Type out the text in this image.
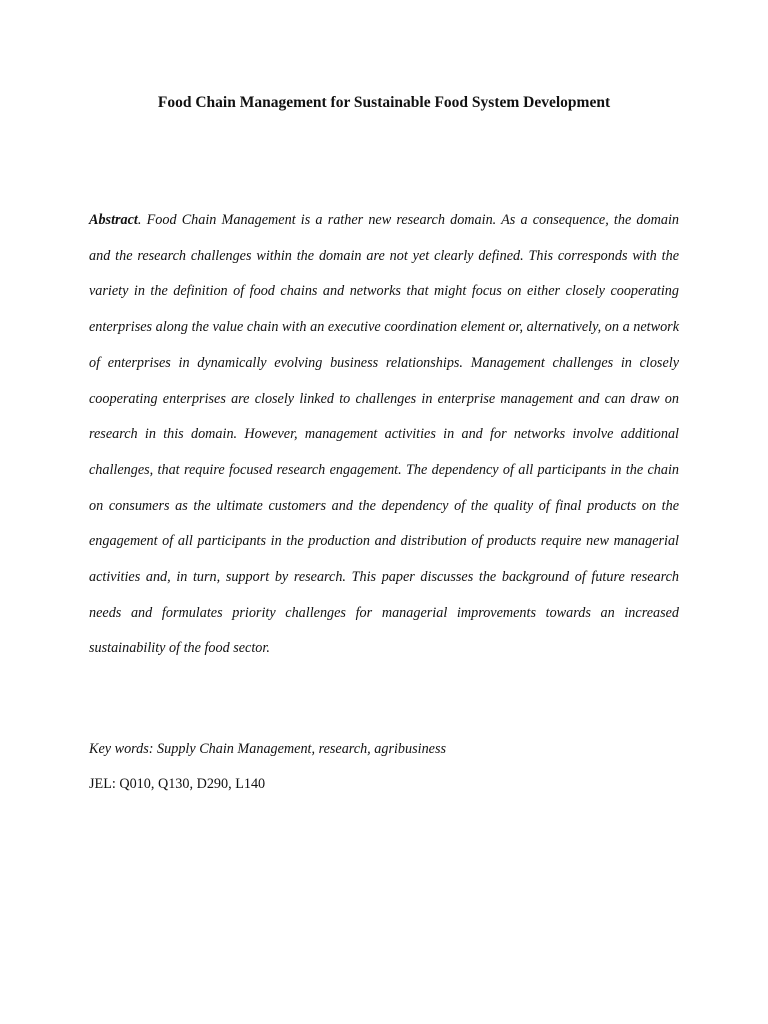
Food Chain Management for Sustainable Food System Development

Abstract. Food Chain Management is a rather new research domain. As a consequence, the domain and the research challenges within the domain are not yet clearly defined. This corresponds with the variety in the definition of food chains and networks that might focus on either closely cooperating enterprises along the value chain with an executive coordination element or, alternatively, on a network of enterprises in dynamically evolving business relationships. Management challenges in closely cooperating enterprises are closely linked to challenges in enterprise management and can draw on research in this domain. However, management activities in and for networks involve additional challenges, that require focused research engagement. The dependency of all participants in the chain on consumers as the ultimate customers and the dependency of the quality of final products on the engagement of all participants in the production and distribution of products require new managerial activities and, in turn, support by research. This paper discusses the background of future research needs and formulates priority challenges for managerial improvements towards an increased sustainability of the food sector.

Key words: Supply Chain Management, research, agribusiness

JEL: Q010, Q130, D290, L140
